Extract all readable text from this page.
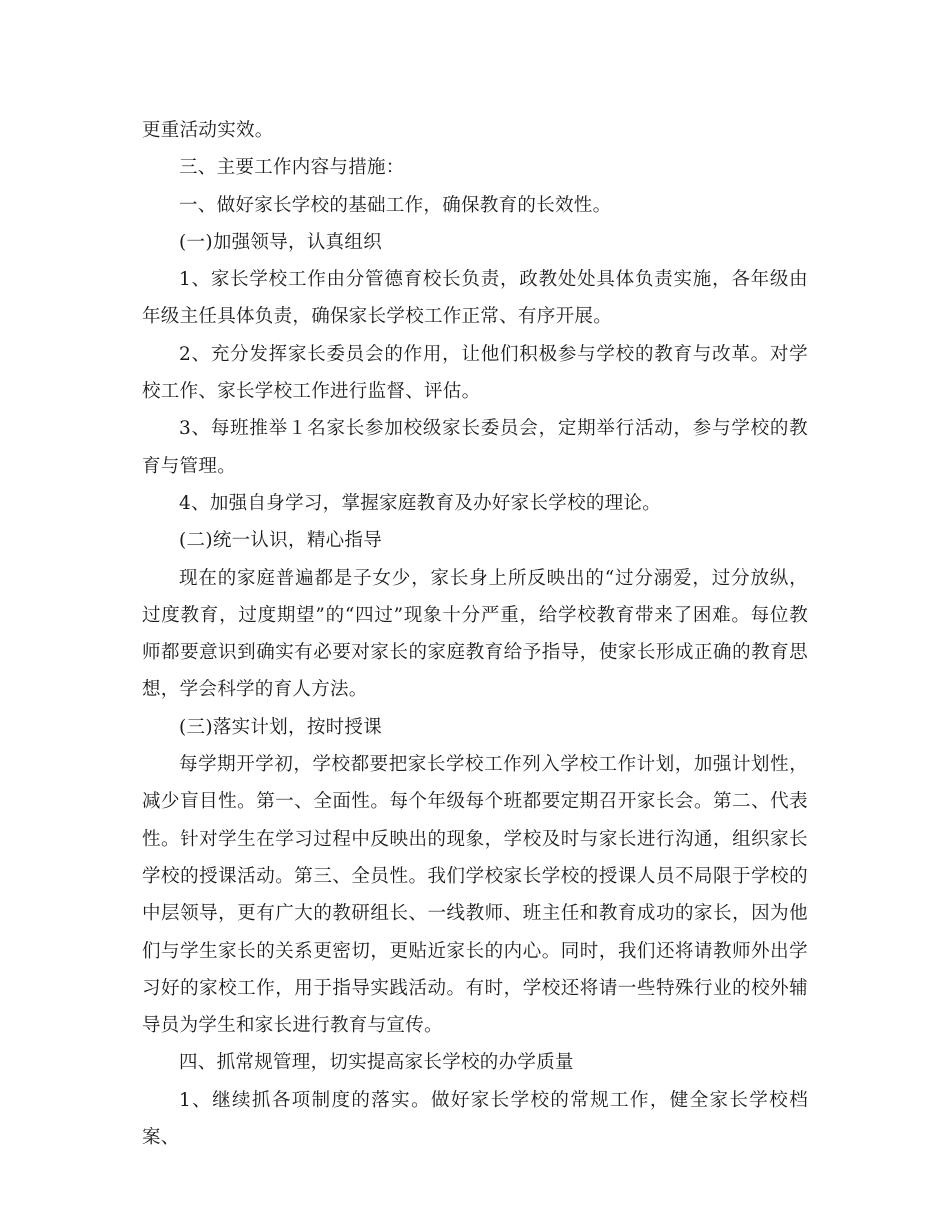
更重活动实效。

三、主要工作内容与措施：

一、做好家长学校的基础工作，确保教育的长效性。

(一)加强领导，认真组织

1、家长学校工作由分管德育校长负责，政教处处具体负责实施，各年级由年级主任具体负责，确保家长学校工作正常、有序开展。

2、充分发挥家长委员会的作用，让他们积极参与学校的教育与改革。对学校工作、家长学校工作进行监督、评估。

3、每班推举１名家长参加校级家长委员会，定期举行活动，参与学校的教育与管理。

4、加强自身学习，掌握家庭教育及办好家长学校的理论。

(二)统一认识，精心指导

现在的家庭普遍都是子女少，家长身上所反映出的“过分溺爱，过分放纵，过度教育，过度期望”的“四过”现象十分严重，给学校教育带来了困难。每位教师都要意识到确实有必要对家长的家庭教育给予指导，使家长形成正确的教育思想，学会科学的育人方法。

(三)落实计划，按时授课

每学期开学初，学校都要把家长学校工作列入学校工作计划，加强计划性，减少盲目性。第一、全面性。每个年级每个班都要定期召开家长会。第二、代表性。针对学生在学习过程中反映出的现象，学校及时与家长进行沟通，组织家长学校的授课活动。第三、全员性。我们学校家长学校的授课人员不局限于学校的中层领导，更有广大的教研组长、一线教师、班主任和教育成功的家长，因为他们与学生家长的关系更密切，更贴近家长的内心。同时，我们还将请教师外出学习好的家校工作，用于指导实践活动。有时，学校还将请一些特殊行业的校外辅导员为学生和家长进行教育与宣传。

四、抓常规管理，切实提高家长学校的办学质量

1、继续抓各项制度的落实。做好家长学校的常规工作，健全家长学校档案、
